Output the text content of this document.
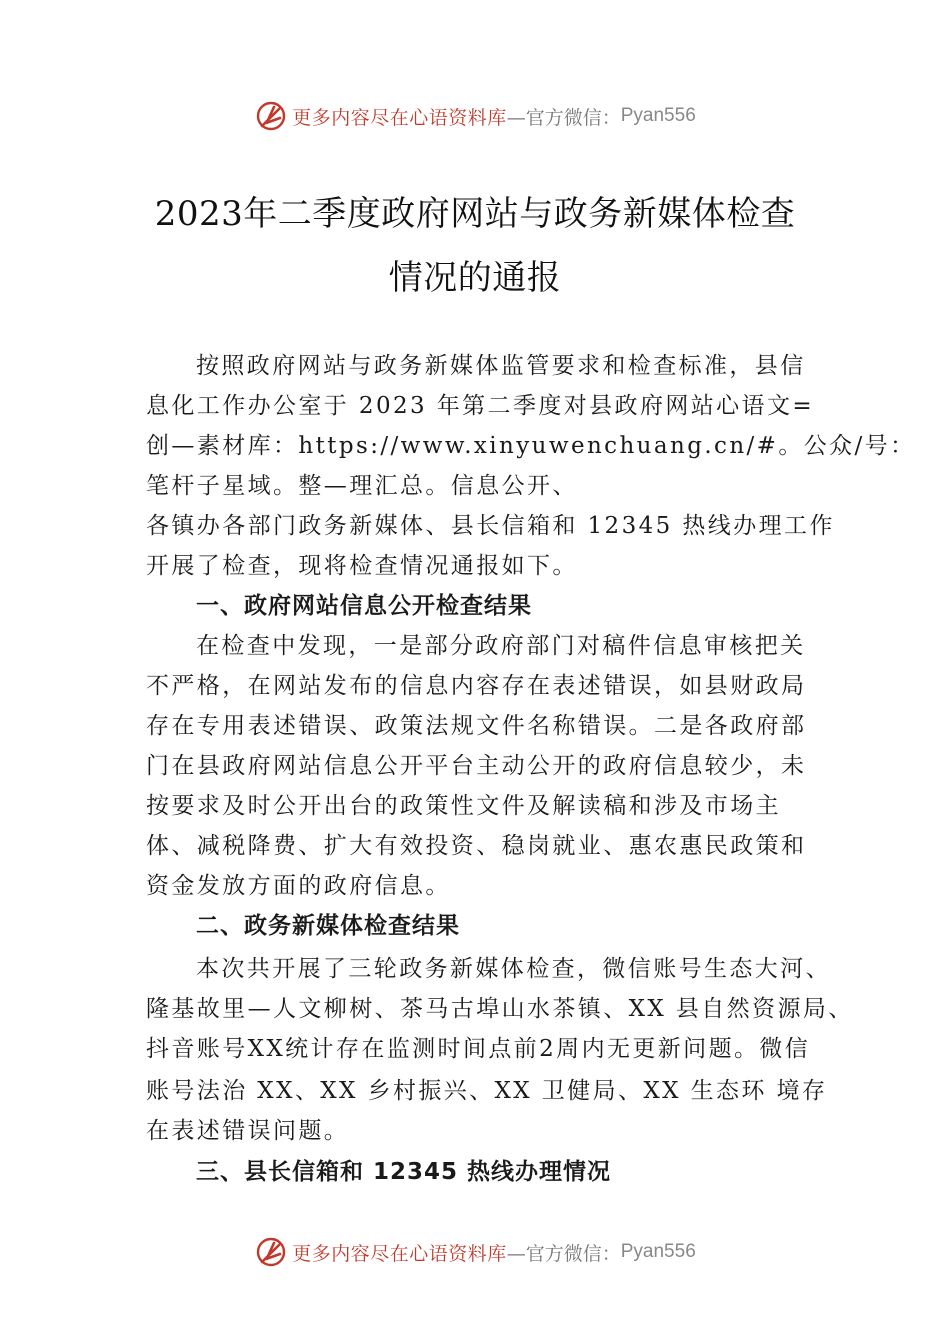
更多内容尽在心语资料库 —官方微信： Pyan556
2023年二季度政府网站与政务新媒体检查
情况的通报
按照政府网站与政务新媒体监管要求和检查标准，县信
息化工作办公室于 2023 年第二季度对县政府网站心语文=
创—素材库：https://www.xinyuwenchuang.cn/#。公众/号：
笔杆子星域。整—理汇总。信息公开、
各镇办各部门政务新媒体、县长信箱和 12345 热线办理工作
开展了检查，现将检查情况通报如下。
一、政府网站信息公开检查结果
在检查中发现，一是部分政府部门对稿件信息审核把关
不严格，在网站发布的信息内容存在表述错误，如县财政局
存在专用表述错误、政策法规文件名称错误。二是各政府部
门在县政府网站信息公开平台主动公开的政府信息较少，未
按要求及时公开出台的政策性文件及解读稿和涉及市场主
体、减税降费、扩大有效投资、稳岗就业、惠农惠民政策和
资金发放方面的政府信息。
二、政务新媒体检查结果
本次共开展了三轮政务新媒体检查，微信账号生态大河、
隆基故里—人文柳树、茶马古埠山水茶镇、XX 县自然资源局、
抖音账号XX统计存在监测时间点前2周内无更新问题。微信
账号法治 XX、XX 乡村振兴、XX 卫健局、XX 生态环 境存
在表述错误问题。
三、县长信箱和 12345 热线办理情况
更多内容尽在心语资料库 —官方微信： Pyan556
